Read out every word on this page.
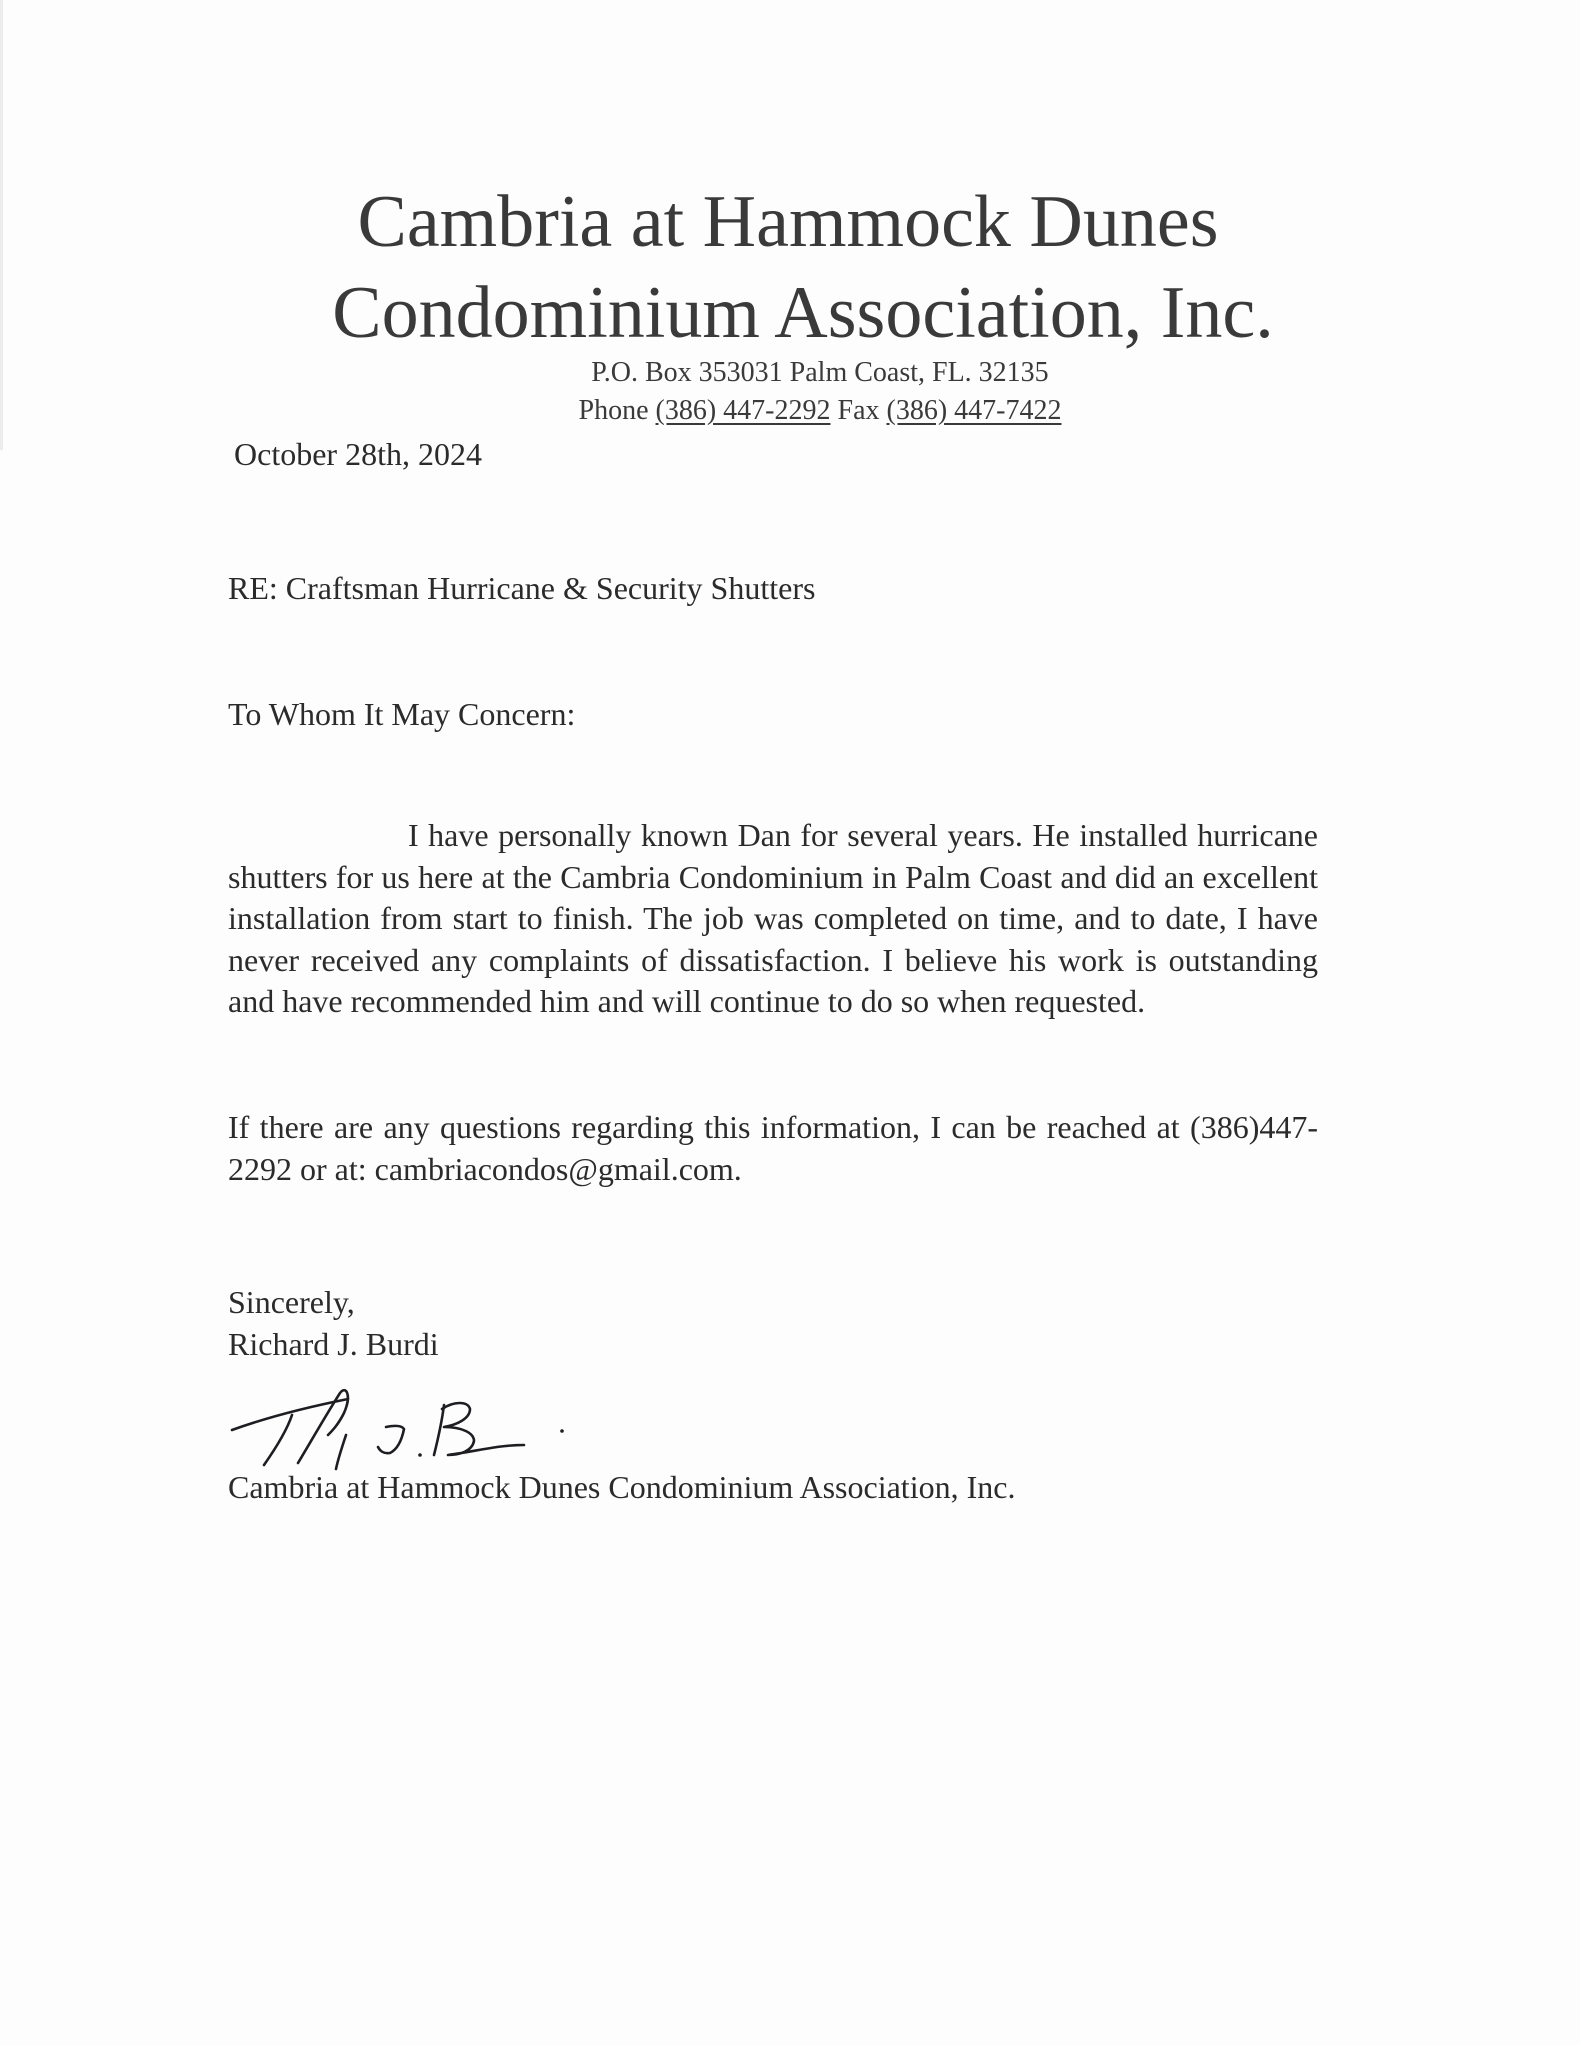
Cambria at Hammock Dunes
Condominium Association, Inc.
P.O. Box 353031 Palm Coast, FL. 32135
Phone (386) 447-2292 Fax (386) 447-7422
October 28th, 2024
RE: Craftsman Hurricane & Security Shutters
To Whom It May Concern:
I have personally known Dan for several years. He installed hurricane shutters for us here at the Cambria Condominium in Palm Coast and did an excellent installation from start to finish. The job was completed on time, and to date, I have never received any complaints of dissatisfaction. I believe his work is outstanding and have recommended him and will continue to do so when requested.
If there are any questions regarding this information, I can be reached at (386)447-2292 or at: cambriacondos@gmail.com.
Sincerely,
Richard J. Burdi
Cambria at Hammock Dunes Condominium Association, Inc.
